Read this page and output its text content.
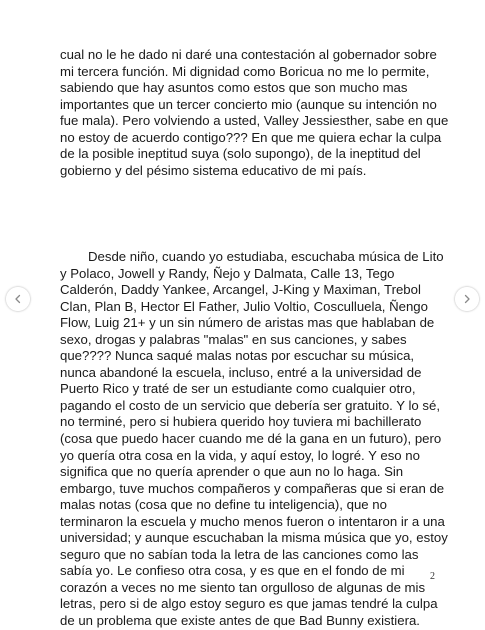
cual no le he dado ni daré una contestación al gobernador sobre
mi tercera función. Mi dignidad como Boricua no me lo permite,
sabiendo que hay asuntos como estos que son mucho mas
importantes que un tercer concierto mio (aunque su intención no
fue mala). Pero volviendo a usted, Valley Jessiesther, sabe en que
no estoy de acuerdo contigo??? En que me quiera echar la culpa
de la posible ineptitud suya (solo supongo), de la ineptitud del
gobierno y del pésimo sistema educativo de mi país.
Desde niño, cuando yo estudiaba, escuchaba música de Lito
y Polaco, Jowell y Randy, Ñejo y Dalmata, Calle 13, Tego
Calderón, Daddy Yankee, Arcangel, J-King y Maximan, Trebol
Clan, Plan B, Hector El Father, Julio Voltio, Cosculluela, Ñengo
Flow, Luig 21+ y un sin número de aristas mas que hablaban de
sexo, drogas y palabras "malas" en sus canciones, y sabes
que???? Nunca saqué malas notas por escuchar su música,
nunca abandoné la escuela, incluso, entré a la universidad de
Puerto Rico y traté de ser un estudiante como cualquier otro,
pagando el costo de un servicio que debería ser gratuito. Y lo sé,
no terminé, pero si hubiera querido hoy tuviera mi bachillerato
(cosa que puedo hacer cuando me dé la gana en un futuro), pero
yo quería otra cosa en la vida, y aquí estoy, lo logré. Y eso no
significa que no quería aprender o que aun no lo haga. Sin
embargo, tuve muchos compañeros y compañeras que si eran de
malas notas (cosa que no define tu inteligencia), que no
terminaron la escuela y mucho menos fueron o intentaron ir a una
universidad; y aunque escuchaban la misma música que yo, estoy
seguro que no sabían toda la letra de las canciones como las
sabía yo. Le confieso otra cosa, y es que en el fondo de mi
corazón a veces no me siento tan orgulloso de algunas de mis
letras, pero si de algo estoy seguro es que jamas tendré la culpa
de un problema que existe antes de que Bad Bunny existiera.
2
